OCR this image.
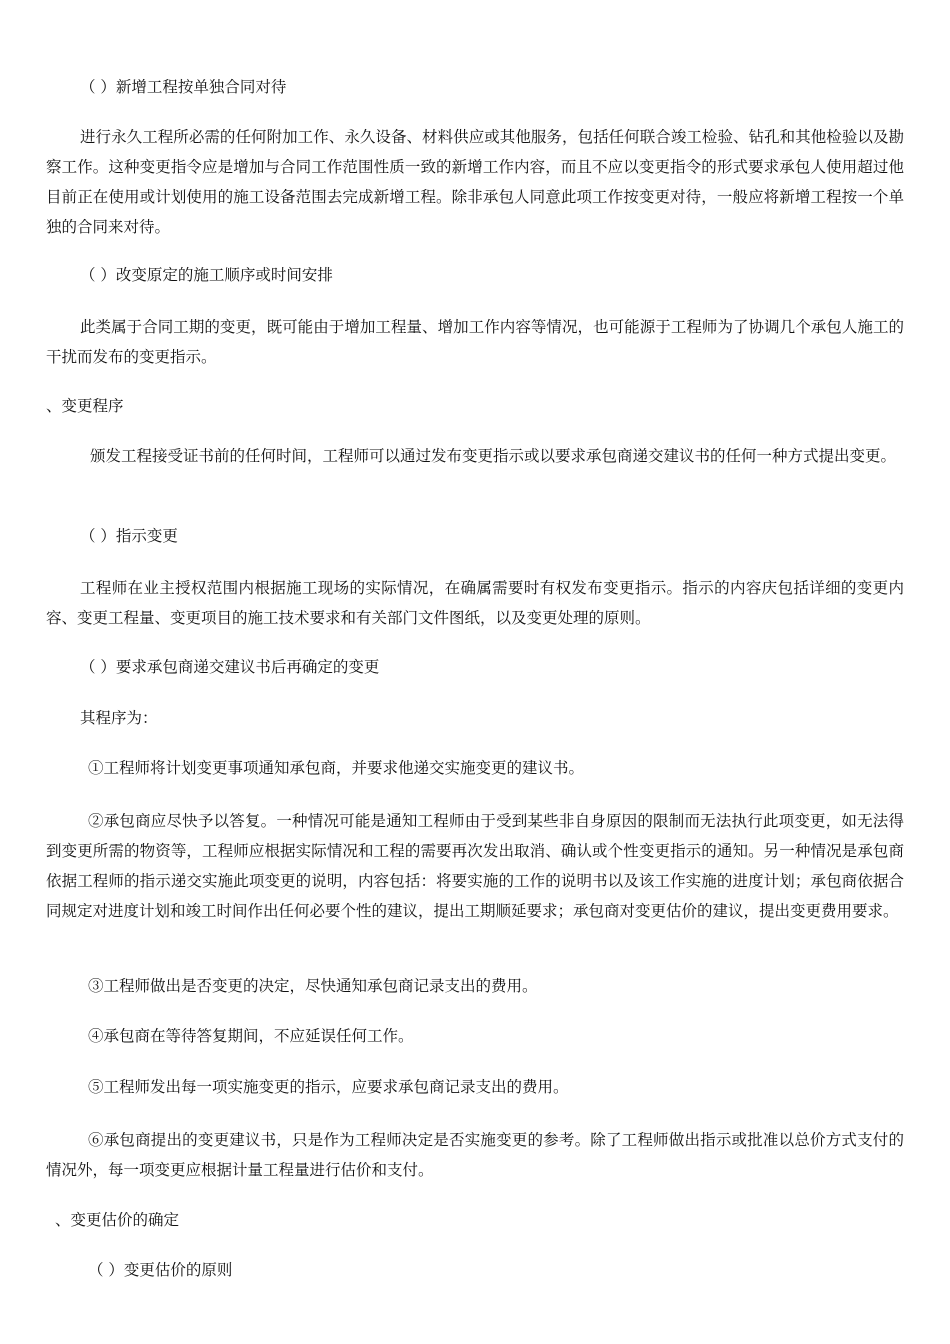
（ ）新增工程按单独合同对待
进行永久工程所必需的任何附加工作、永久设备、材料供应或其他服务，包括任何联合竣工检验、钻孔和其他检验以及勘察工作。这种变更指令应是增加与合同工作范围性质一致的新增工作内容，而且不应以变更指令的形式要求承包人使用超过他目前正在使用或计划使用的施工设备范围去完成新增工程。除非承包人同意此项工作按变更对待，一般应将新增工程按一个单独的合同来对待。
（ ）改变原定的施工顺序或时间安排
此类属于合同工期的变更，既可能由于增加工程量、增加工作内容等情况，也可能源于工程师为了协调几个承包人施工的干扰而发布的变更指示。
、变更程序
颁发工程接受证书前的任何时间，工程师可以通过发布变更指示或以要求承包商递交建议书的任何一种方式提出变更。
（ ）指示变更
工程师在业主授权范围内根据施工现场的实际情况，在确属需要时有权发布变更指示。指示的内容庆包括详细的变更内容、变更工程量、变更项目的施工技术要求和有关部门文件图纸，以及变更处理的原则。
（ ）要求承包商递交建议书后再确定的变更
其程序为：
①工程师将计划变更事项通知承包商，并要求他递交实施变更的建议书。
②承包商应尽快予以答复。一种情况可能是通知工程师由于受到某些非自身原因的限制而无法执行此项变更，如无法得到变更所需的物资等，工程师应根据实际情况和工程的需要再次发出取消、确认或个性变更指示的通知。另一种情况是承包商依据工程师的指示递交实施此项变更的说明，内容包括：将要实施的工作的说明书以及该工作实施的进度计划；承包商依据合同规定对进度计划和竣工时间作出任何必要个性的建议，提出工期顺延要求；承包商对变更估价的建议，提出变更费用要求。
③工程师做出是否变更的决定，尽快通知承包商记录支出的费用。
④承包商在等待答复期间，不应延误任何工作。
⑤工程师发出每一项实施变更的指示，应要求承包商记录支出的费用。
⑥承包商提出的变更建议书，只是作为工程师决定是否实施变更的参考。除了工程师做出指示或批准以总价方式支付的情况外，每一项变更应根据计量工程量进行估价和支付。
、变更估价的确定
（ ）变更估价的原则
